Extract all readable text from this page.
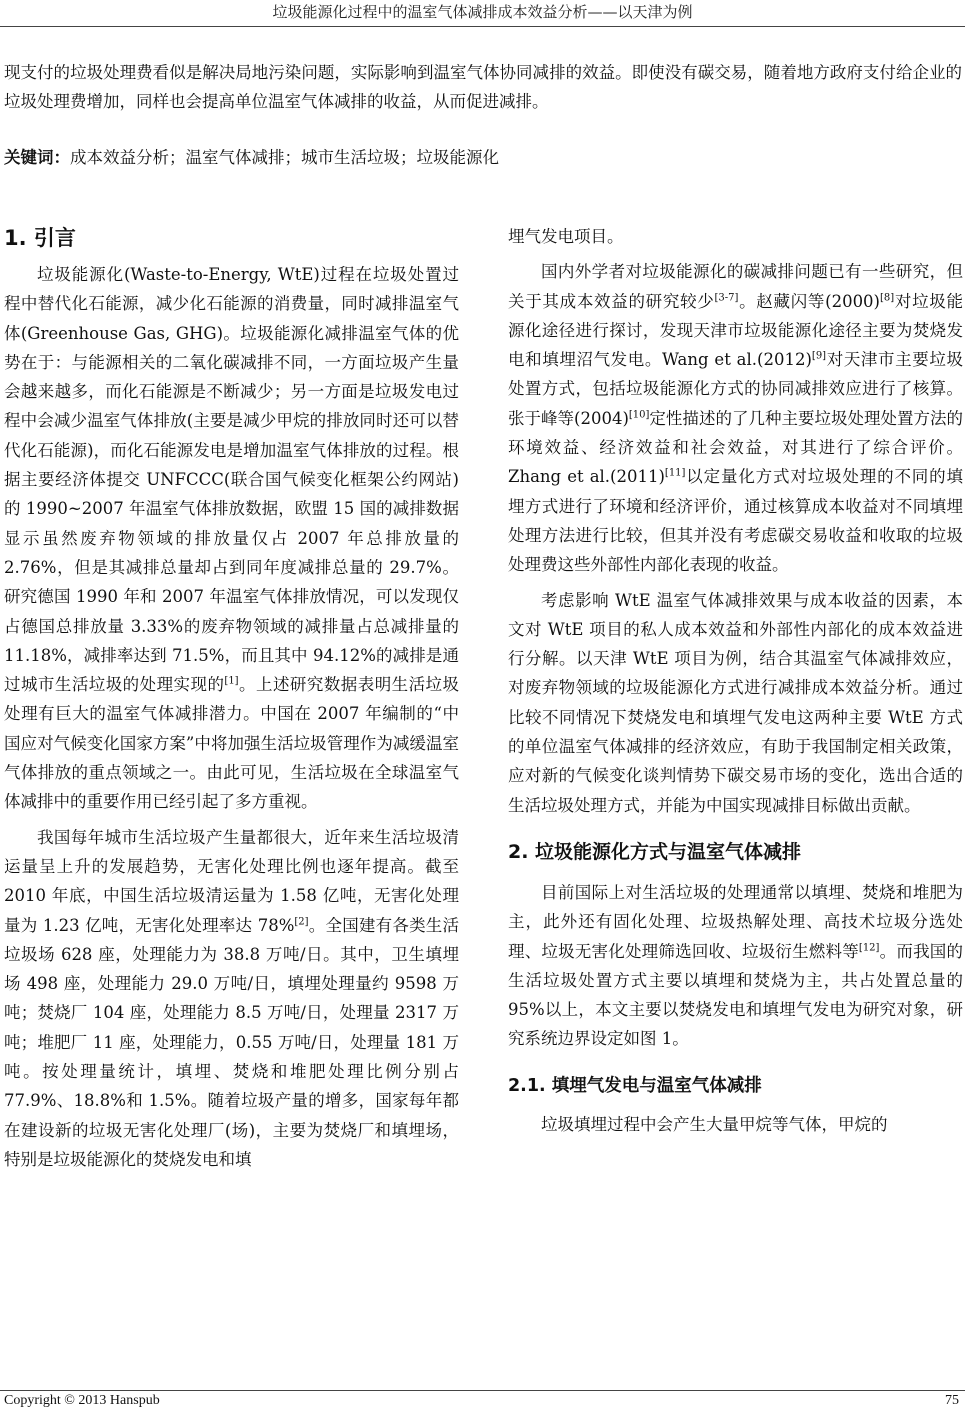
垃圾能源化过程中的温室气体减排成本效益分析——以天津为例

现支付的垃圾处理费看似是解决局地污染问题，实际影响到温室气体协同减排的效益。即使没有碳交易，随着地方政府支付给企业的垃圾处理费增加，同样也会提高单位温室气体减排的收益，从而促进减排。

关键词：成本效益分析；温室气体减排；城市生活垃圾；垃圾能源化

1. 引言

垃圾能源化(Waste-to-Energy, WtE)过程在垃圾处置过程中替代化石能源，减少化石能源的消费量，同时减排温室气体(Greenhouse Gas, GHG)。垃圾能源化减排温室气体的优势在于：与能源相关的二氧化碳减排不同，一方面垃圾产生量会越来越多，而化石能源是不断减少；另一方面是垃圾发电过程中会减少温室气体排放(主要是减少甲烷的排放同时还可以替代化石能源)，而化石能源发电是增加温室气体排放的过程。根据主要经济体提交 UNFCCC(联合国气候变化框架公约网站)的 1990~2007 年温室气体排放数据，欧盟 15 国的减排数据显示虽然废弃物领域的排放量仅占 2007 年总排放量的 2.76%，但是其减排总量却占到同年度减排总量的 29.7%。研究德国 1990 年和 2007 年温室气体排放情况，可以发现仅占德国总排放量 3.33%的废弃物领域的减排量占总减排量的 11.18%，减排率达到 71.5%，而且其中 94.12%的减排是通过城市生活垃圾的处理实现的[1]。上述研究数据表明生活垃圾处理有巨大的温室气体减排潜力。中国在 2007 年编制的“中国应对气候变化国家方案”中将加强生活垃圾管理作为减缓温室气体排放的重点领域之一。由此可见，生活垃圾在全球温室气体减排中的重要作用已经引起了多方重视。

我国每年城市生活垃圾产生量都很大，近年来生活垃圾清运量呈上升的发展趋势，无害化处理比例也逐年提高。截至 2010 年底，中国生活垃圾清运量为 1.58 亿吨，无害化处理量为 1.23 亿吨，无害化处理率达 78%[2]。全国建有各类生活垃圾场 628 座，处理能力为 38.8 万吨/日。其中，卫生填埋场 498 座，处理能力 29.0 万吨/日，填埋处理量约 9598 万吨；焚烧厂 104 座，处理能力 8.5 万吨/日，处理量 2317 万吨；堆肥厂 11 座，处理能力，0.55 万吨/日，处理量 181 万吨。按处理量统计，填埋、焚烧和堆肥处理比例分别占 77.9%、18.8%和 1.5%。随着垃圾产量的增多，国家每年都在建设新的垃圾无害化处理厂(场)，主要为焚烧厂和填埋场，特别是垃圾能源化的焚烧发电和填

埋气发电项目。

国内外学者对垃圾能源化的碳减排问题已有一些研究，但关于其成本效益的研究较少[3-7]。赵藏闪等(2000)[8]对垃圾能源化途径进行探讨，发现天津市垃圾能源化途径主要为焚烧发电和填埋沼气发电。Wang et al.(2012)[9]对天津市主要垃圾处置方式，包括垃圾能源化方式的协同减排效应进行了核算。张于峰等(2004)[10]定性描述的了几种主要垃圾处理处置方法的环境效益、经济效益和社会效益，对其进行了综合评价。Zhang et al.(2011)[11]以定量化方式对垃圾处理的不同的填埋方式进行了环境和经济评价，通过核算成本收益对不同填埋处理方法进行比较，但其并没有考虑碳交易收益和收取的垃圾处理费这些外部性内部化表现的收益。

考虑影响 WtE 温室气体减排效果与成本收益的因素，本文对 WtE 项目的私人成本效益和外部性内部化的成本效益进行分解。以天津 WtE 项目为例，结合其温室气体减排效应，对废弃物领域的垃圾能源化方式进行减排成本效益分析。通过比较不同情况下焚烧发电和填埋气发电这两种主要 WtE 方式的单位温室气体减排的经济效应，有助于我国制定相关政策，应对新的气候变化谈判情势下碳交易市场的变化，选出合适的生活垃圾处理方式，并能为中国实现减排目标做出贡献。

2. 垃圾能源化方式与温室气体减排

目前国际上对生活垃圾的处理通常以填埋、焚烧和堆肥为主，此外还有固化处理、垃圾热解处理、高技术垃圾分选处理、垃圾无害化处理筛选回收、垃圾衍生燃料等[12]。而我国的生活垃圾处置方式主要以填埋和焚烧为主，共占处置总量的 95%以上，本文主要以焚烧发电和填埋气发电为研究对象，研究系统边界设定如图 1。

2.1. 填埋气发电与温室气体减排

垃圾填埋过程中会产生大量甲烷等气体，甲烷的

Copyright © 2013 Hanspub	75
